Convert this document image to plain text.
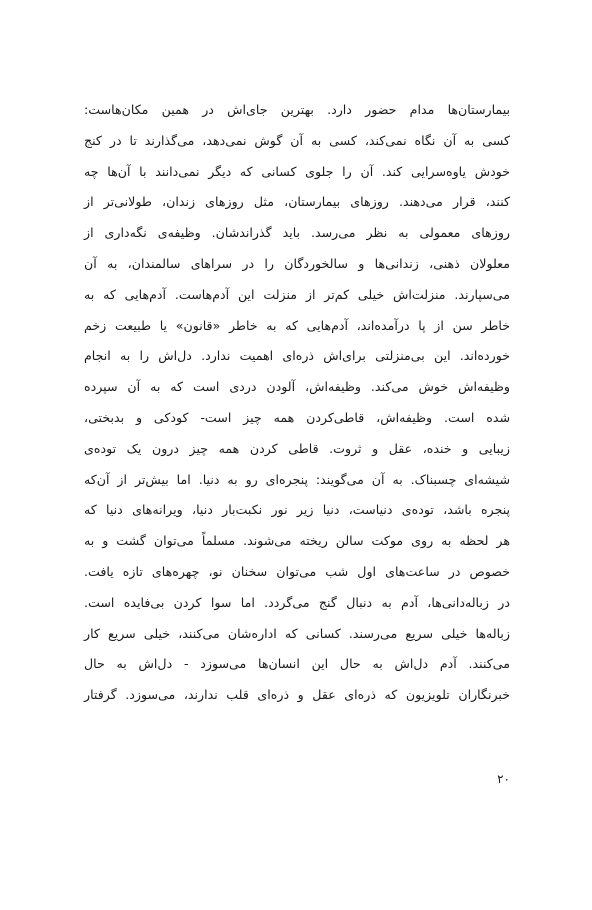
بیمارستان‌ها مدام حضور دارد. بهترین جای‌اش در همین مکان‌هاست:
کسی به آن نگاه نمی‌کند، کسی به آن گوش نمی‌دهد، می‌گذارند تا در کنج
خودش یاوه‌سرایی کند. آن را جلوی کسانی که دیگر نمی‌دانند با آن‌ها چه
کنند، قرار می‌دهند. روزهای بیمارستان، مثل روزهای زندان، طولانی‌تر از
روزهای معمولی به نظر می‌رسد. باید گذراندشان. وظیفه‌ی نگه‌داری از
معلولان ذهنی، زندانی‌ها و سالخوردگان را در سراهای سالمندان، به آن
می‌سپارند. منزلت‌اش خیلی کم‌تر از منزلت این آدم‌هاست. آدم‌هایی که به
خاطر سن از پا درآمده‌اند، آدم‌هایی که به خاطر «قانون» یا طبیعت زخم
خورده‌اند. این بی‌منزلتی برای‌اش ذره‌ای اهمیت ندارد. دل‌اش را به انجام
وظیفه‌اش خوش می‌کند. وظیفه‌اش، آلودن دردی است که به آن سپرده
شده است. وظیفه‌اش، قاطی‌کردن همه چیز است- کودکی و بدبختی،
زیبایی و خنده، عقل و ثروت. قاطی کردن همه چیز درون یک توده‌ی
شیشه‌ای چسبناک. به آن می‌گویند: پنجره‌ای رو به دنیا. اما بیش‌تر از آن‌که
پنجره باشد، توده‌ی دنیاست، دنیا زیر نور نکبت‌بار دنیا، ویرانه‌های دنیا که
هر لحظه به روی موکت سالن ریخته می‌شوند. مسلماً می‌توان گشت و به
خصوص در ساعت‌های اول شب می‌توان سخنان نو، چهره‌های تازه یافت.
در زباله‌دانی‌ها، آدم به دنبال گنج می‌گردد. اما سوا کردن بی‌فایده است.
زباله‌ها خیلی سریع می‌رسند. کسانی که اداره‌شان می‌کنند، خیلی سریع کار
می‌کنند. آدم دل‌اش به حال این انسان‌ها می‌سوزد - دل‌اش به حال
خبرنگاران تلویزیون که ذره‌ای عقل و ذره‌ای قلب ندارند، می‌سوزد. گرفتار
۲۰
